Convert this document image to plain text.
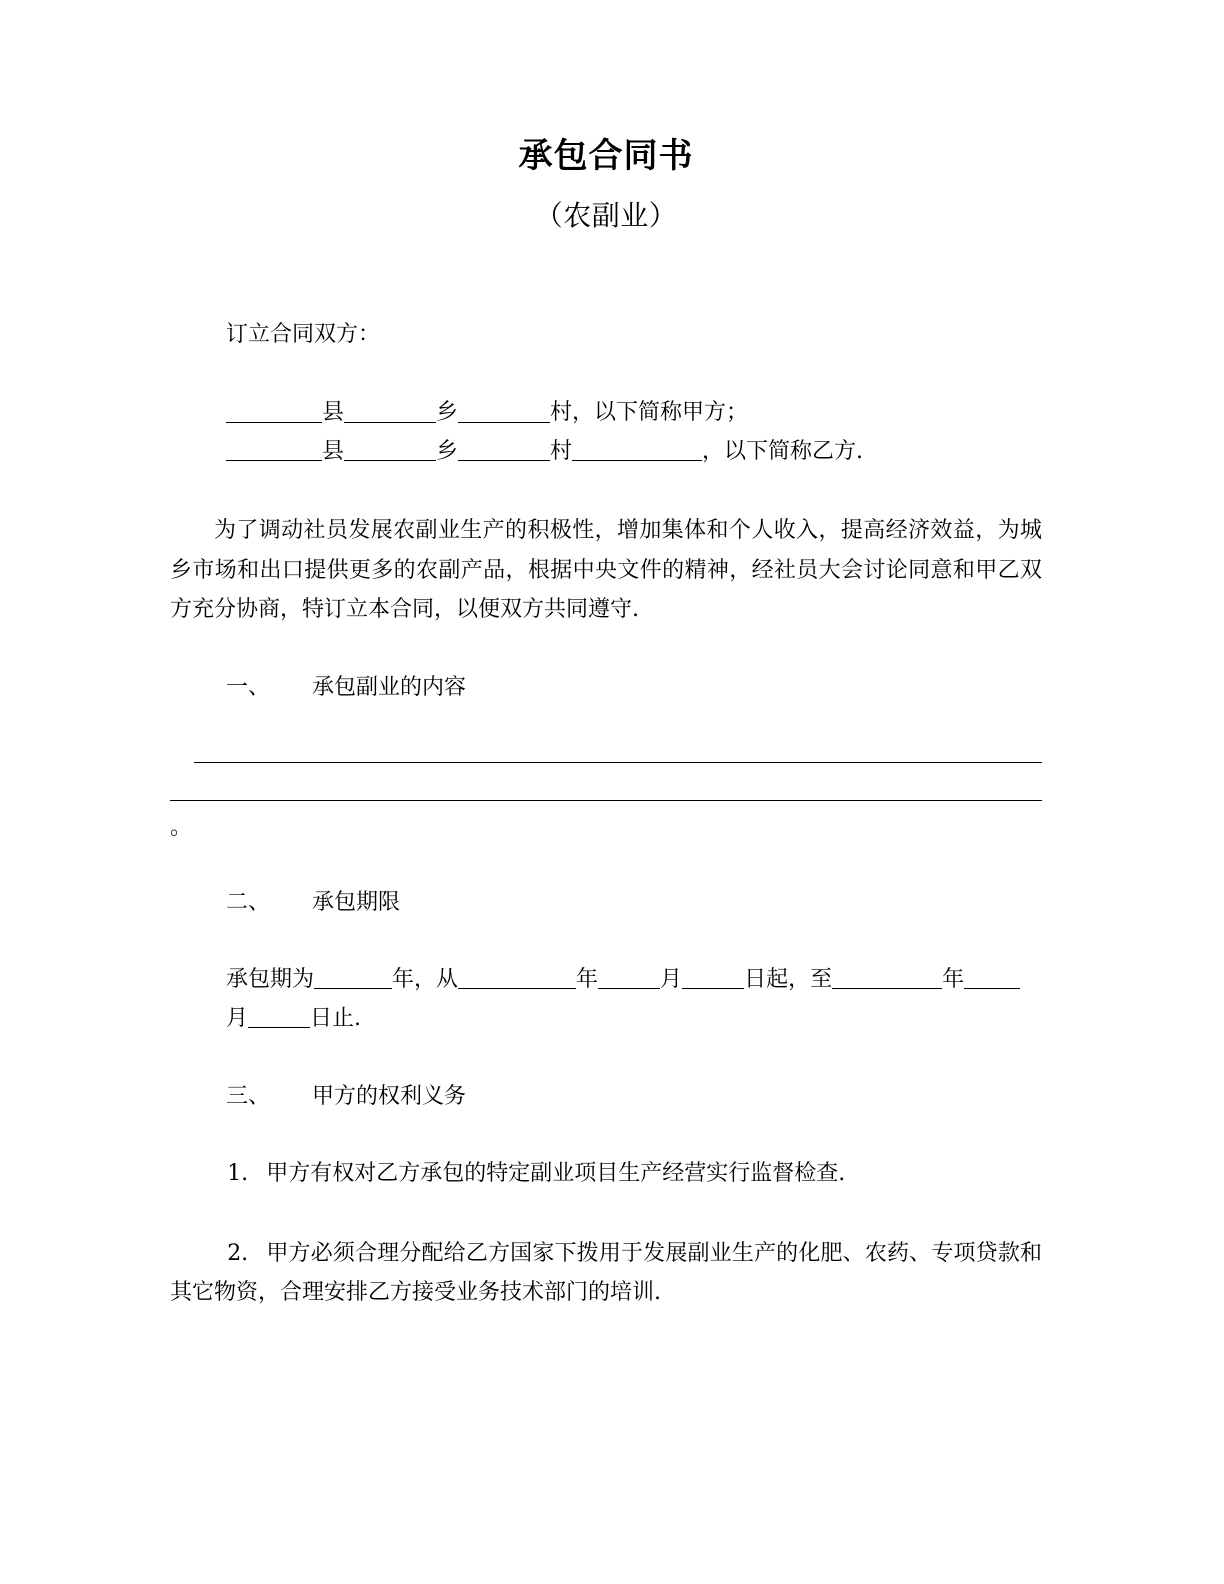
承包合同书
（农副业）

订立合同双方：

县	乡	村，以下简称甲方；

县	乡	村	，以下简称乙方.

为了调动社员发展农副业生产的积极性，增加集体和个人收入，提高经济效益，为城乡市场和出口提供更多的农副产品，根据中央文件的精神，经社员大会讨论同意和甲乙双方充分协商，特订立本合同，以便双方共同遵守.

一、 承包副业的内容

。

二、 承包期限

承包期为	年，从	年	月	日起，至	年月	日止.

三、 甲方的权利义务

1. 甲方有权对乙方承包的特定副业项目生产经营实行监督检查.

2. 甲方必须合理分配给乙方国家下拨用于发展副业生产的化肥、农药、专项贷款和其它物资，合理安排乙方接受业务技术部门的培训.
